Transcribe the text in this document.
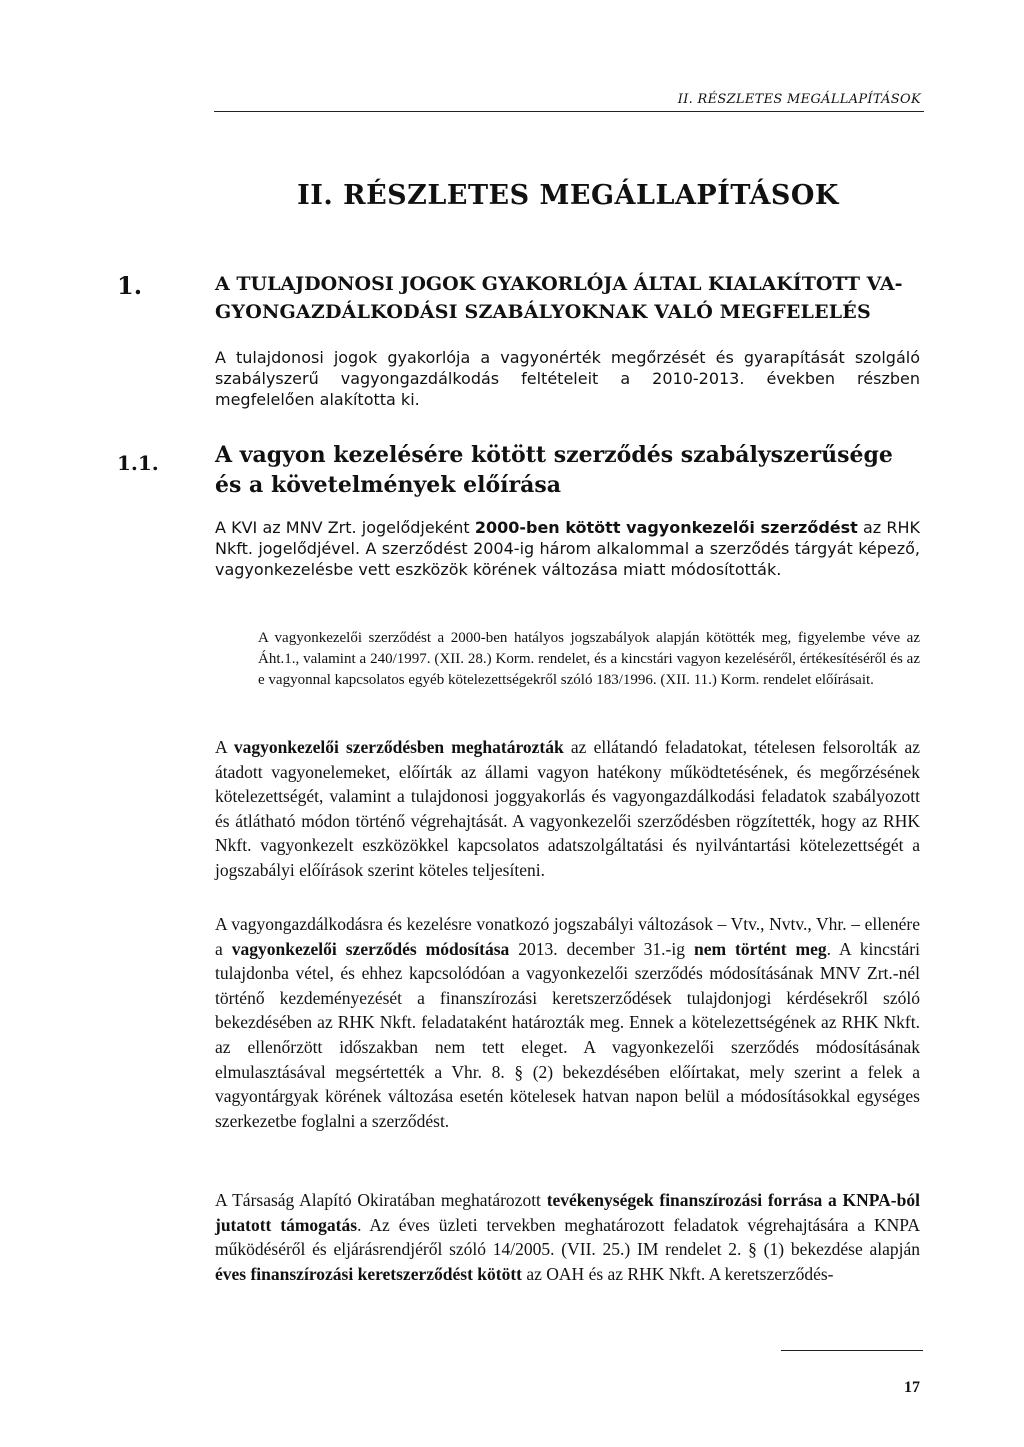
II. RÉSZLETES MEGÁLLAPÍTÁSOK
II. RÉSZLETES MEGÁLLAPÍTÁSOK
1.	A TULAJDONOSI JOGOK GYAKORLÓJA ÁLTAL KIALAKÍTOTT VA-
GYONGAZDÁLKODÁSI SZABÁLYOKNAK VALÓ MEGFELELÉS

A tulajdonosi jogok gyakorlója a vagyonérték megőrzését és gyarapítását szolgáló szabályszerű vagyongazdálkodás feltételeit a 2010-2013. években részben megfelelően alakította ki.

1.1.	A vagyon kezelésére kötött szerződés szabályszerűsége és a követelmények előírása

A KVI az MNV Zrt. jogelődjeként 2000-ben kötött vagyonkezelői szerződést az RHK Nkft. jogelődjével. A szerződést 2004-ig három alkalommal a szerződés tárgyát képező, vagyonkezelésbe vett eszközök körének változása miatt módosították.

A vagyonkezelői szerződést a 2000-ben hatályos jogszabályok alapján kötötték meg, figyelembe véve az Áht.1., valamint a 240/1997. (XII. 28.) Korm. rendelet, és a kincstári vagyon kezeléséről, értékesítéséről és az e vagyonnal kapcsolatos egyéb kötelezettségekről szóló 183/1996. (XII. 11.) Korm. rendelet előírásait.

A vagyonkezelői szerződésben meghatározták az ellátandó feladatokat, tételesen felsorolták az átadott vagyonelemeket, előírták az állami vagyon hatékony működtetésének, és megőrzésének kötelezettségét, valamint a tulajdonosi joggyakorlás és vagyongazdálkodási feladatok szabályozott és átlátható módon történő végrehajtását. A vagyonkezelői szerződésben rögzítették, hogy az RHK Nkft. vagyonkezelt eszközökkel kapcsolatos adatszolgáltatási és nyilvántartási kötelezettségét a jogszabályi előírások szerint köteles teljesíteni.

A vagyongazdálkodásra és kezelésre vonatkozó jogszabályi változások – Vtv., Nvtv., Vhr. – ellenére a vagyonkezelői szerződés módosítása 2013. december 31.-ig nem történt meg. A kincstári tulajdonba vétel, és ehhez kapcsolódóan a vagyonkezelői szerződés módosításának MNV Zrt.-nél történő kezdeményezését a finanszírozási keretszerződések tulajdonjogi kérdésekről szóló bekezdésében az RHK Nkft. feladataként határozták meg. Ennek a kötelezettségének az RHK Nkft. az ellenőrzött időszakban nem tett eleget. A vagyonkezelői szerződés módosításának elmulasztásával megsértették a Vhr. 8. § (2) bekezdésében előírtakat, mely szerint a felek a vagyontárgyak körének változása esetén kötelesek hatvan napon belül a módosításokkal egységes szerkezetbe foglalni a szerződést.

A Társaság Alapító Okiratában meghatározott tevékenységek finanszírozási forrása a KNPA-ból jutatott támogatás. Az éves üzleti tervekben meghatározott feladatok végrehajtására a KNPA működéséről és eljárásrendjéről szóló 14/2005. (VII. 25.) IM rendelet 2. § (1) bekezdése alapján éves finanszírozási keretszerződést kötött az OAH és az RHK Nkft. A keretszerződés-

17
